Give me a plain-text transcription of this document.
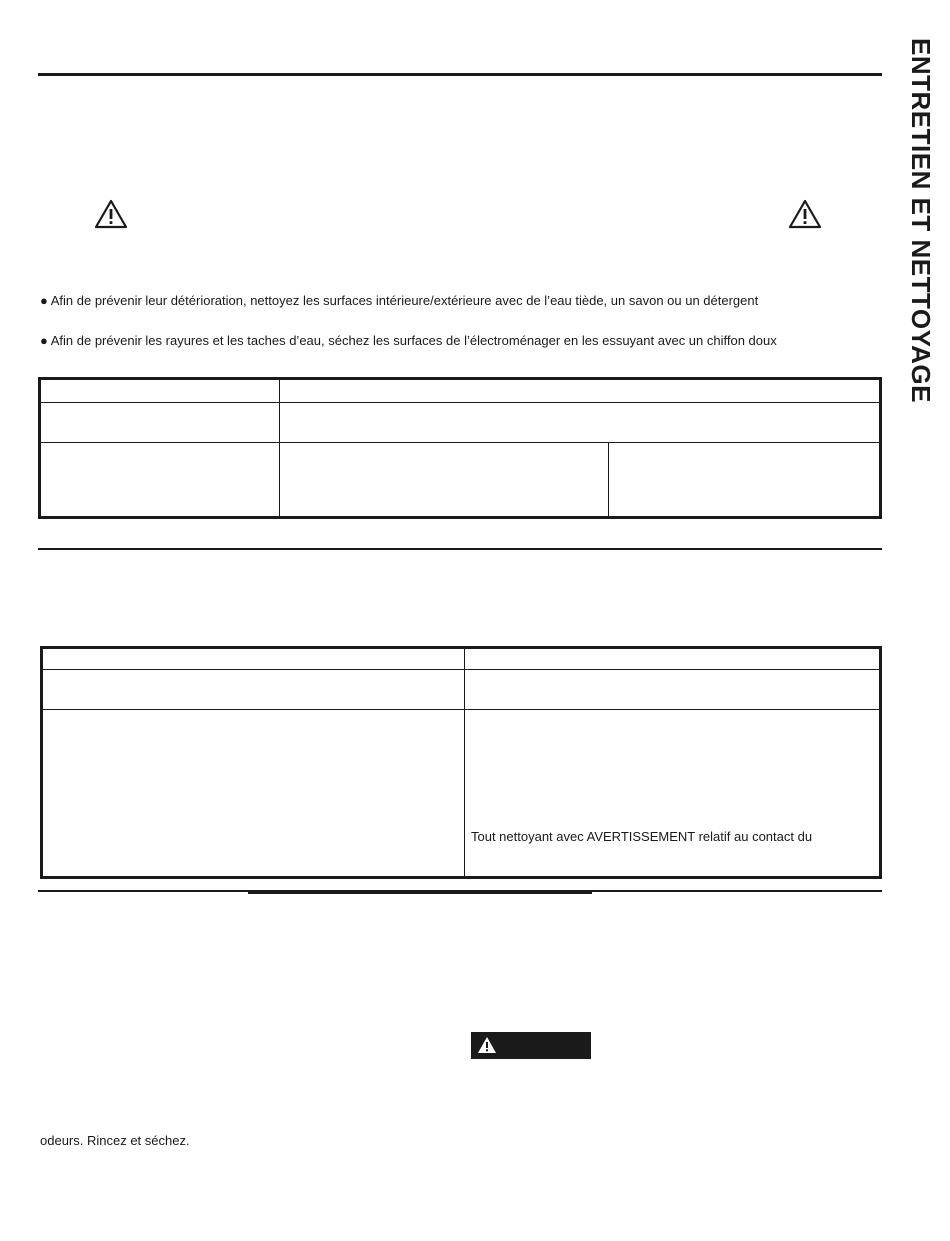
ENTRETIEN ET NETTOYAGE
● Afin de prévenir leur détérioration, nettoyez les surfaces intérieure/extérieure avec de l’eau tiède, un savon ou un détergent
● Afin de prévenir les rayures et les taches d’eau, séchez les surfaces de l’électroménager en les essuyant avec un chiffon doux

	Tout nettoyant avec AVERTISSEMENT relatif au contact du
odeurs. Rincez et séchez.
